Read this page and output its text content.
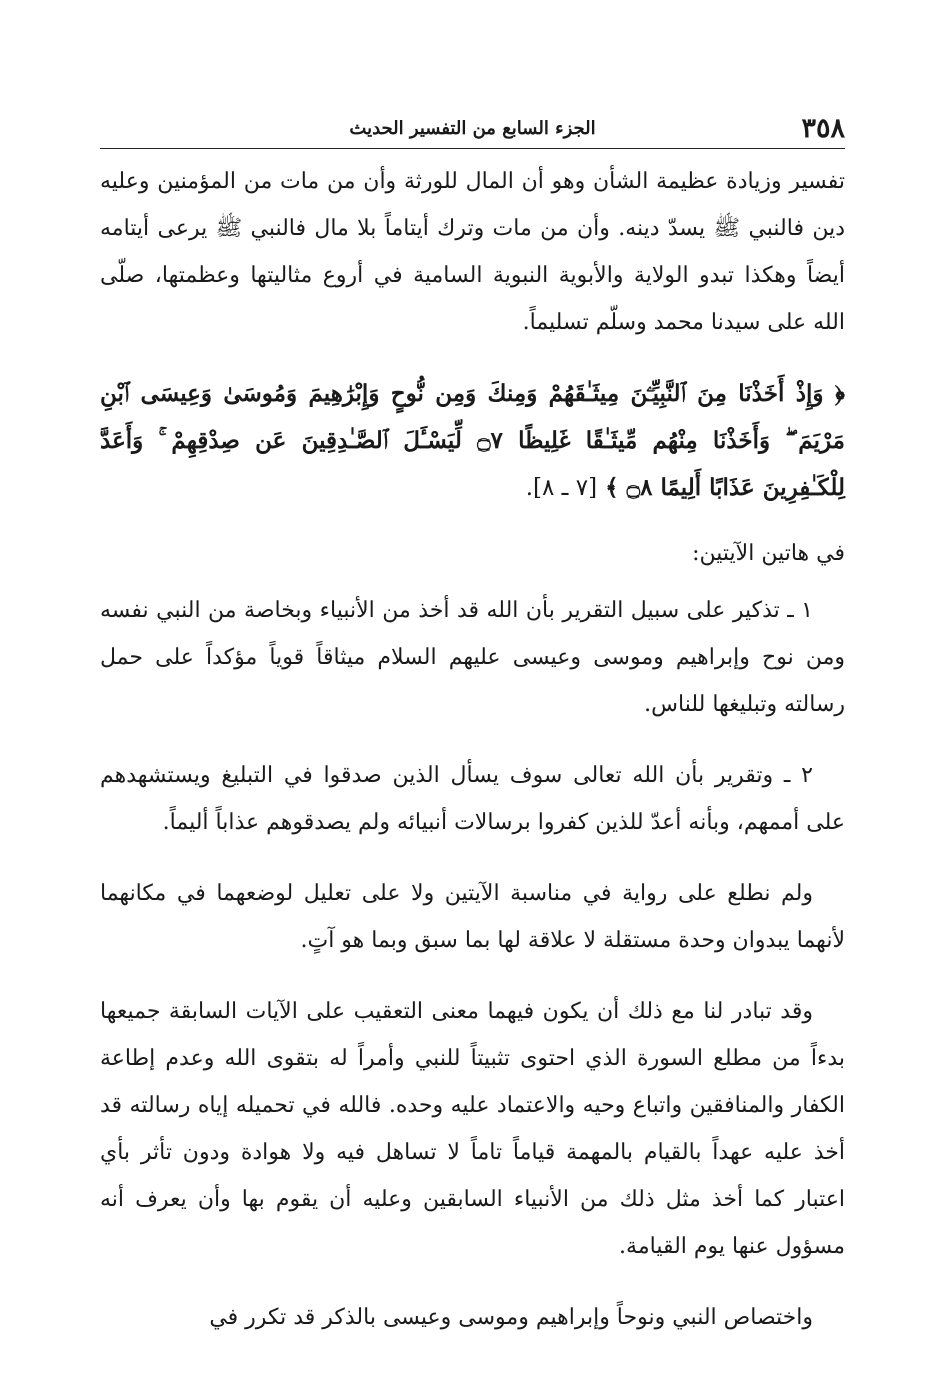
٣٥٨
الجزء السابع من التفسير الحديث

تفسير وزيادة عظيمة الشأن وهو أن المال للورثة وأن من مات من المؤمنين وعليه دين فالنبي ﷺ يسدّ دينه. وأن من مات وترك أيتاماً بلا مال فالنبي ﷺ يرعى أيتامه أيضاً وهكذا تبدو الولاية والأبوية النبوية السامية في أروع مثاليتها وعظمتها، صلّى الله على سيدنا محمد وسلّم تسليماً.

﴿ وَإِذْ أَخَذْنَا مِنَ ٱلنَّبِيِّـۧنَ مِيثَـٰقَهُمْ وَمِنكَ وَمِن نُّوحٍ وَإِبْرَٰهِيمَ وَمُوسَىٰ وَعِيسَى ٱبْنِ مَرْيَمَ ۖ وَأَخَذْنَا مِنْهُم مِّيثَـٰقًا غَلِيظًا ۝٧ لِّيَسْـَٔلَ ٱلصَّـٰدِقِينَ عَن صِدْقِهِمْ ۚ وَأَعَدَّ لِلْكَـٰفِرِينَ عَذَابًا أَلِيمًا ۝٨ ﴾ [٧ ـ ٨].

في هاتين الآيتين:

١ ـ تذكير على سبيل التقرير بأن الله قد أخذ من الأنبياء وبخاصة من النبي نفسه ومن نوح وإبراهيم وموسى وعيسى عليهم السلام ميثاقاً قوياً مؤكداً على حمل رسالته وتبليغها للناس.

٢ ـ وتقرير بأن الله تعالى سوف يسأل الذين صدقوا في التبليغ ويستشهدهم على أممهم، وبأنه أعدّ للذين كفروا برسالات أنبيائه ولم يصدقوهم عذاباً أليماً.

ولم نطلع على رواية في مناسبة الآيتين ولا على تعليل لوضعهما في مكانهما لأنهما يبدوان وحدة مستقلة لا علاقة لها بما سبق وبما هو آتٍ.

وقد تبادر لنا مع ذلك أن يكون فيهما معنى التعقيب على الآيات السابقة جميعها بدءاً من مطلع السورة الذي احتوى تثبيتاً للنبي وأمراً له بتقوى الله وعدم إطاعة الكفار والمنافقين واتباع وحيه والاعتماد عليه وحده. فالله في تحميله إياه رسالته قد أخذ عليه عهداً بالقيام بالمهمة قياماً تاماً لا تساهل فيه ولا هوادة ودون تأثر بأي اعتبار كما أخذ مثل ذلك من الأنبياء السابقين وعليه أن يقوم بها وأن يعرف أنه مسؤول عنها يوم القيامة.

واختصاص النبي ونوحاً وإبراهيم وموسى وعيسى بالذكر قد تكرر في
